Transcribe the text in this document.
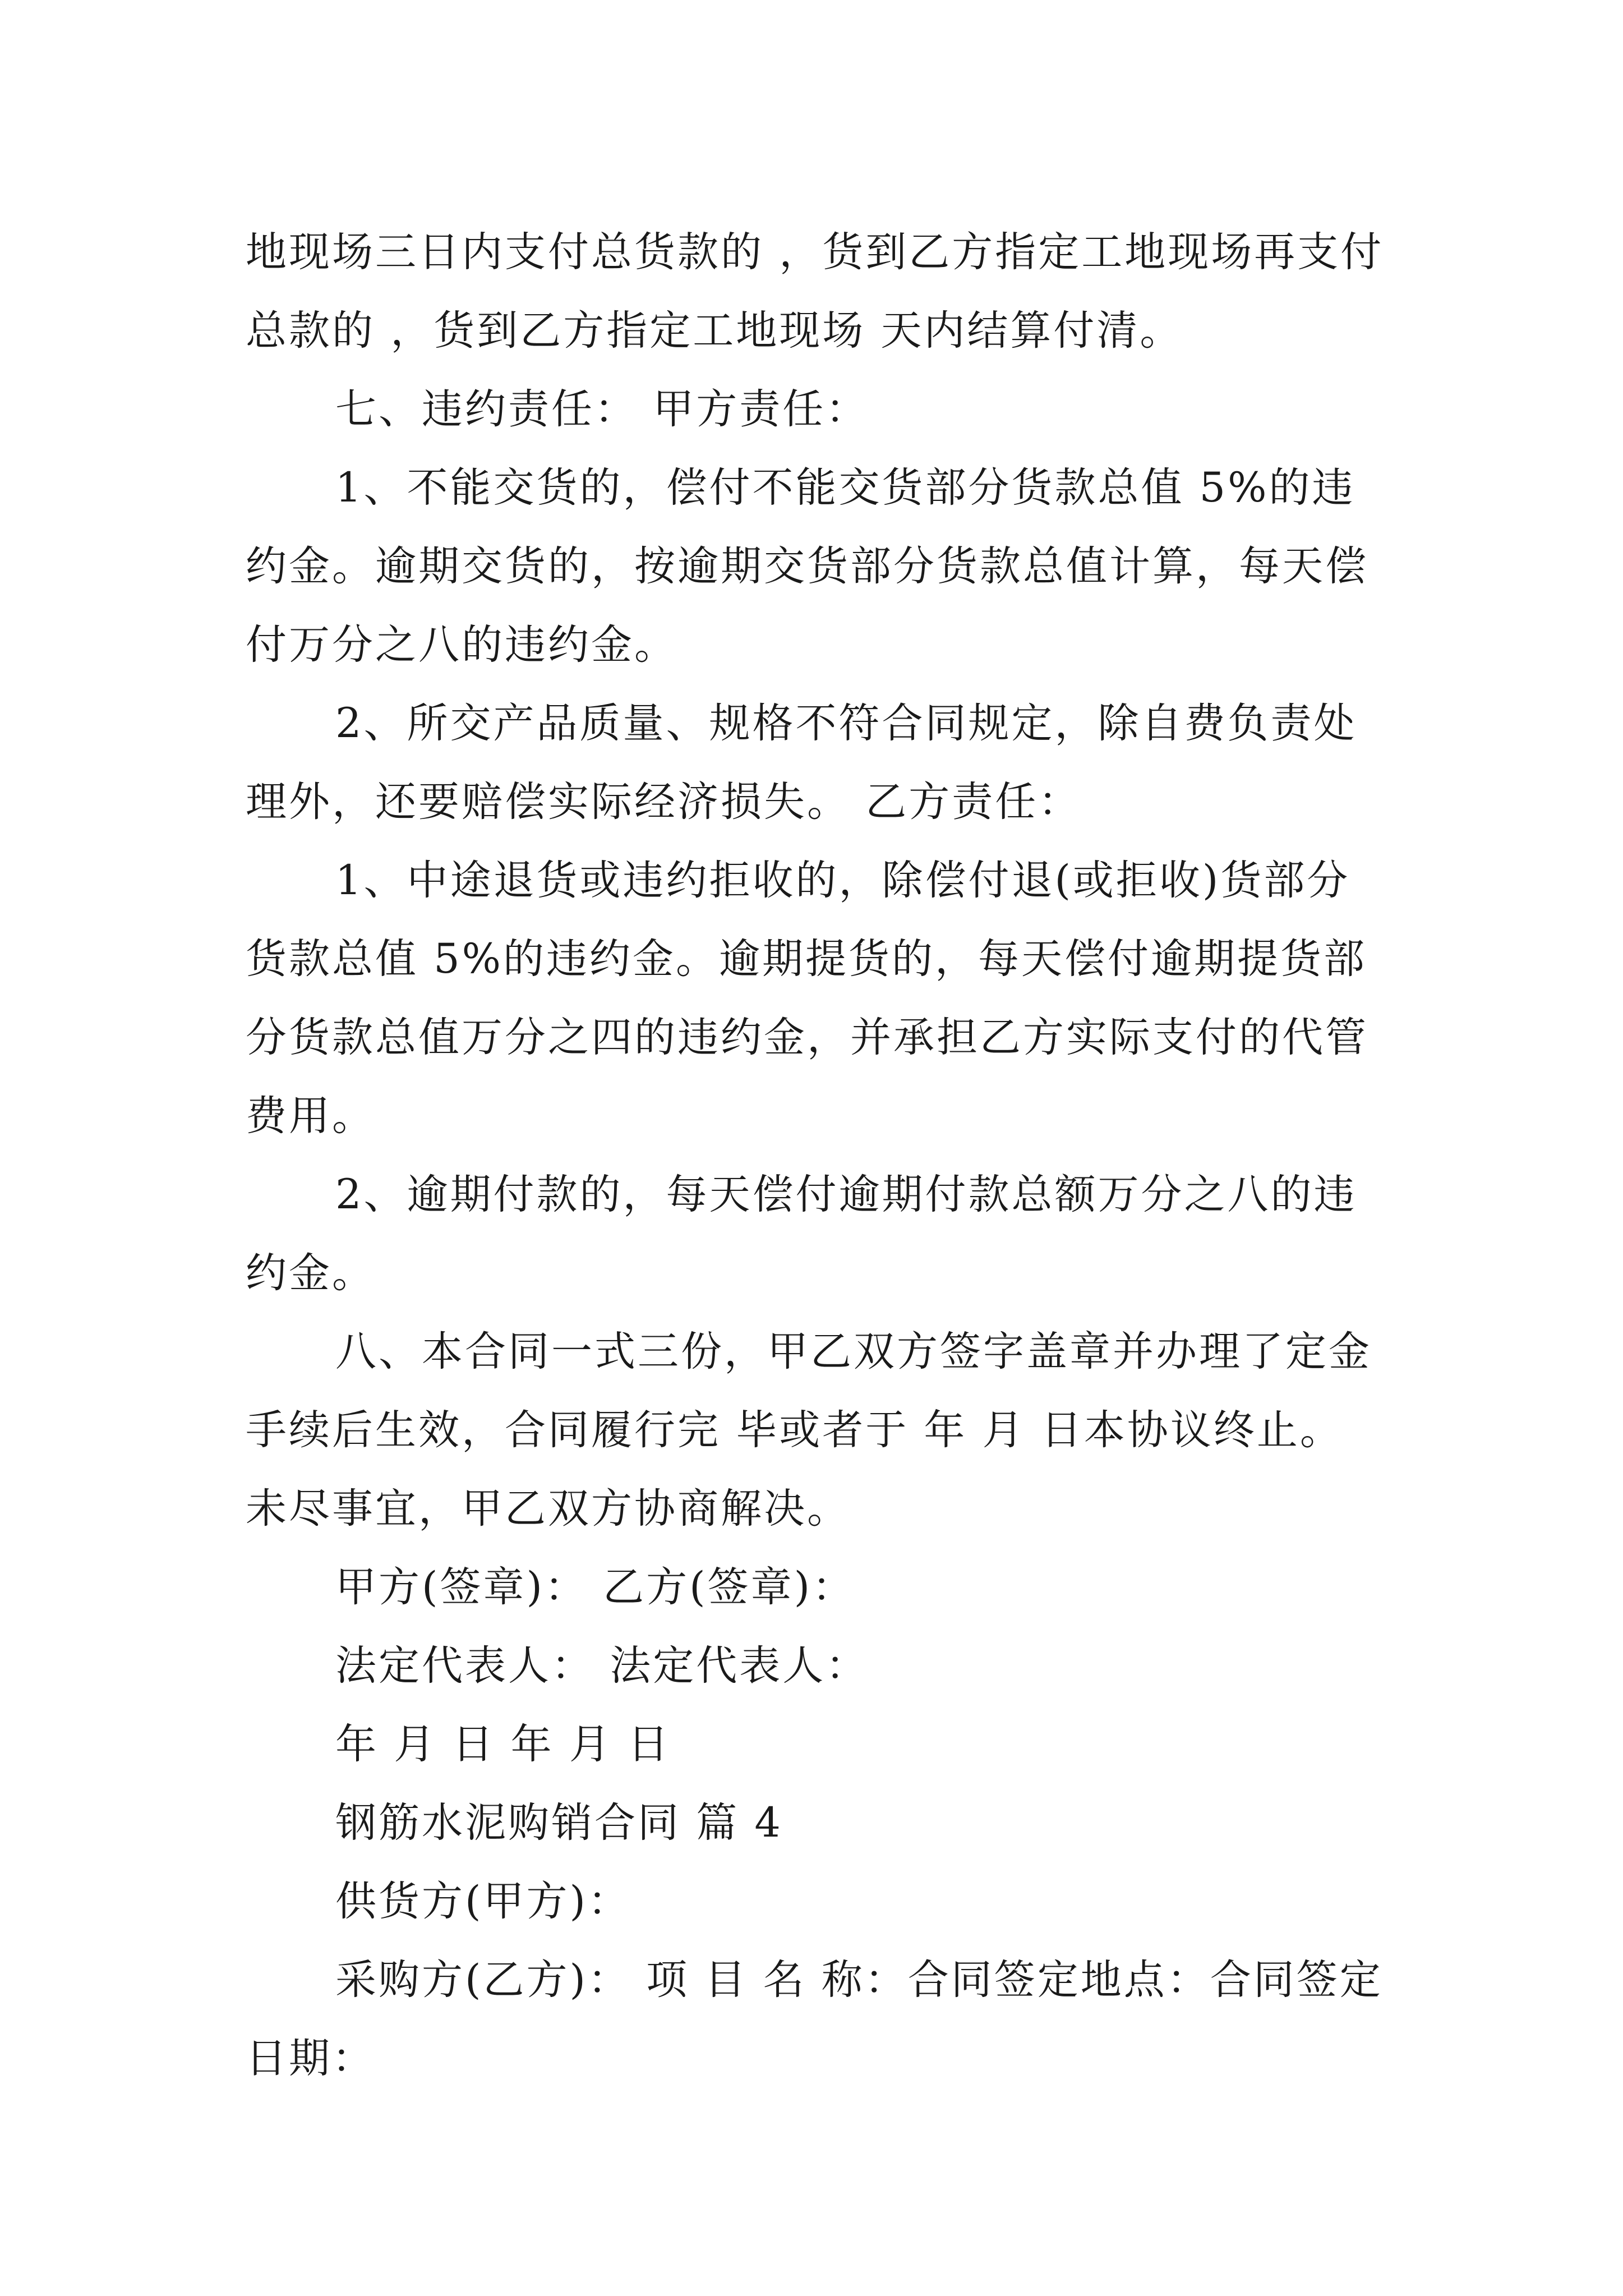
地现场三日内支付总货款的 ，货到乙方指定工地现场再支付总款的 ，货到乙方指定工地现场 天内结算付清。

七、违约责任： 甲方责任：

1、不能交货的，偿付不能交货部分货款总值 5%的违约金。逾期交货的，按逾期交货部分货款总值计算，每天偿付万分之八的违约金。

2、所交产品质量、规格不符合同规定，除自费负责处理外，还要赔偿实际经济损失。 乙方责任：

1、中途退货或违约拒收的，除偿付退(或拒收)货部分货款总值 5%的违约金。逾期提货的，每天偿付逾期提货部分货款总值万分之四的违约金，并承担乙方实际支付的代管费用。

2、逾期付款的，每天偿付逾期付款总额万分之八的违约金。

八、本合同一式三份，甲乙双方签字盖章并办理了定金手续后生效，合同履行完 毕或者于 年 月 日本协议终止。未尽事宜，甲乙双方协商解决。

甲方(签章)： 乙方(签章)：

法定代表人： 法定代表人：

年 月 日 年 月 日

钢筋水泥购销合同 篇 4

供货方(甲方)：

采购方(乙方)： 项 目 名 称：合同签定地点：合同签定日期：
